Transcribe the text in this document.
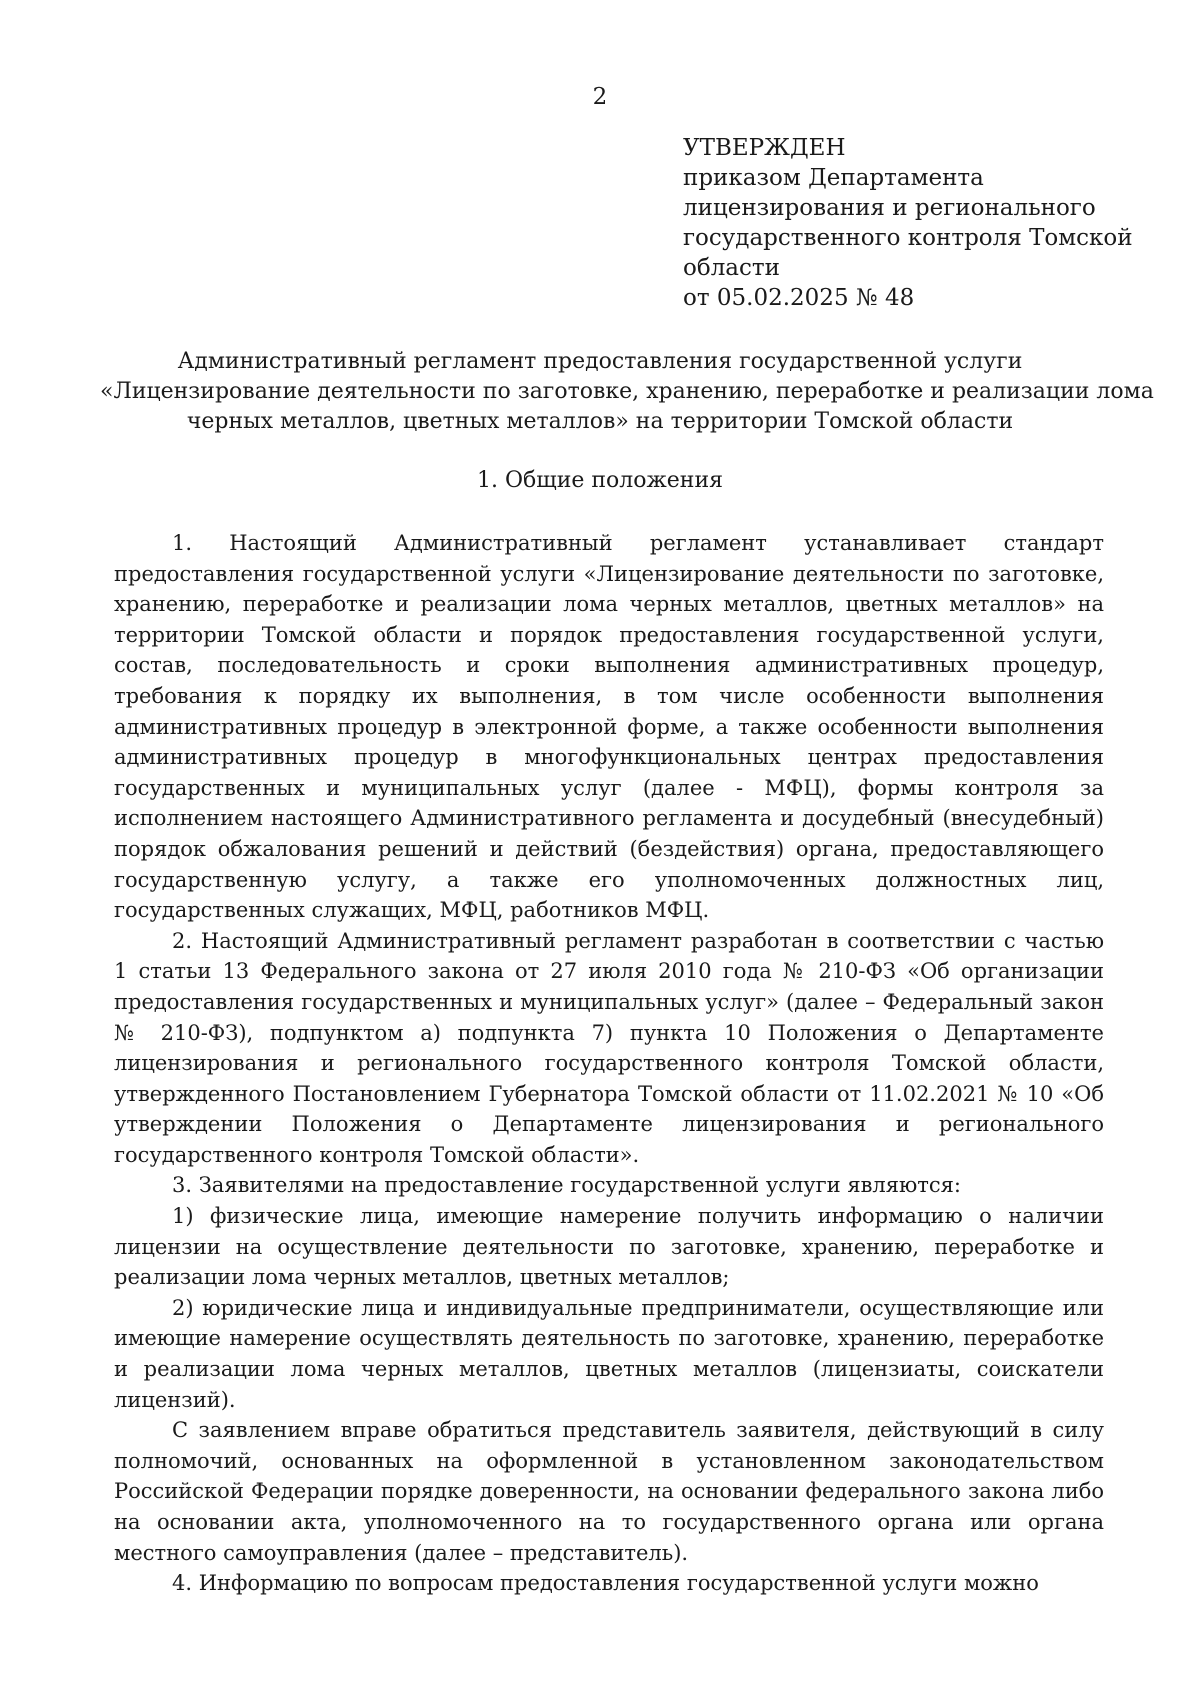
2
УТВЕРЖДЕН
приказом Департамента
лицензирования и регионального
государственного контроля Томской
области
от 05.02.2025 № 48
Административный регламент предоставления государственной услуги
«Лицензирование деятельности по заготовке, хранению, переработке и реализации лома
черных металлов, цветных металлов» на территории Томской области
1. Общие положения

1. Настоящий Административный регламент устанавливает стандарт предоставления государственной услуги «Лицензирование деятельности по заготовке, хранению, переработке и реализации лома черных металлов, цветных металлов» на территории Томской области и порядок предоставления государственной услуги, состав, последовательность и сроки выполнения административных процедур, требования к порядку их выполнения, в том числе особенности выполнения административных процедур в электронной форме, а также особенности выполнения административных процедур в многофункциональных центрах предоставления государственных и муниципальных услуг (далее - МФЦ), формы контроля за исполнением настоящего Административного регламента и досудебный (внесудебный) порядок обжалования решений и действий (бездействия) органа, предоставляющего государственную услугу, а также его уполномоченных должностных лиц, государственных служащих, МФЦ, работников МФЦ.

2. Настоящий Административный регламент разработан в соответствии с частью 1 статьи 13 Федерального закона от 27 июля 2010 года № 210-ФЗ «Об организации предоставления государственных и муниципальных услуг» (далее – Федеральный закон № 210-ФЗ), подпунктом а) подпункта 7) пункта 10 Положения о Департаменте лицензирования и регионального государственного контроля Томской области, утвержденного Постановлением Губернатора Томской области от 11.02.2021 № 10 «Об утверждении Положения о Департаменте лицензирования и регионального государственного контроля Томской области».

3. Заявителями на предоставление государственной услуги являются:

1) физические лица, имеющие намерение получить информацию о наличии лицензии на осуществление деятельности по заготовке, хранению, переработке и реализации лома черных металлов, цветных металлов;

2) юридические лица и индивидуальные предприниматели, осуществляющие или имеющие намерение осуществлять деятельность по заготовке, хранению, переработке и реализации лома черных металлов, цветных металлов (лицензиаты, соискатели лицензий).

С заявлением вправе обратиться представитель заявителя, действующий в силу полномочий, основанных на оформленной в установленном законодательством Российской Федерации порядке доверенности, на основании федерального закона либо на основании акта, уполномоченного на то государственного органа или органа местного самоуправления (далее – представитель).

4. Информацию по вопросам предоставления государственной услуги можно
